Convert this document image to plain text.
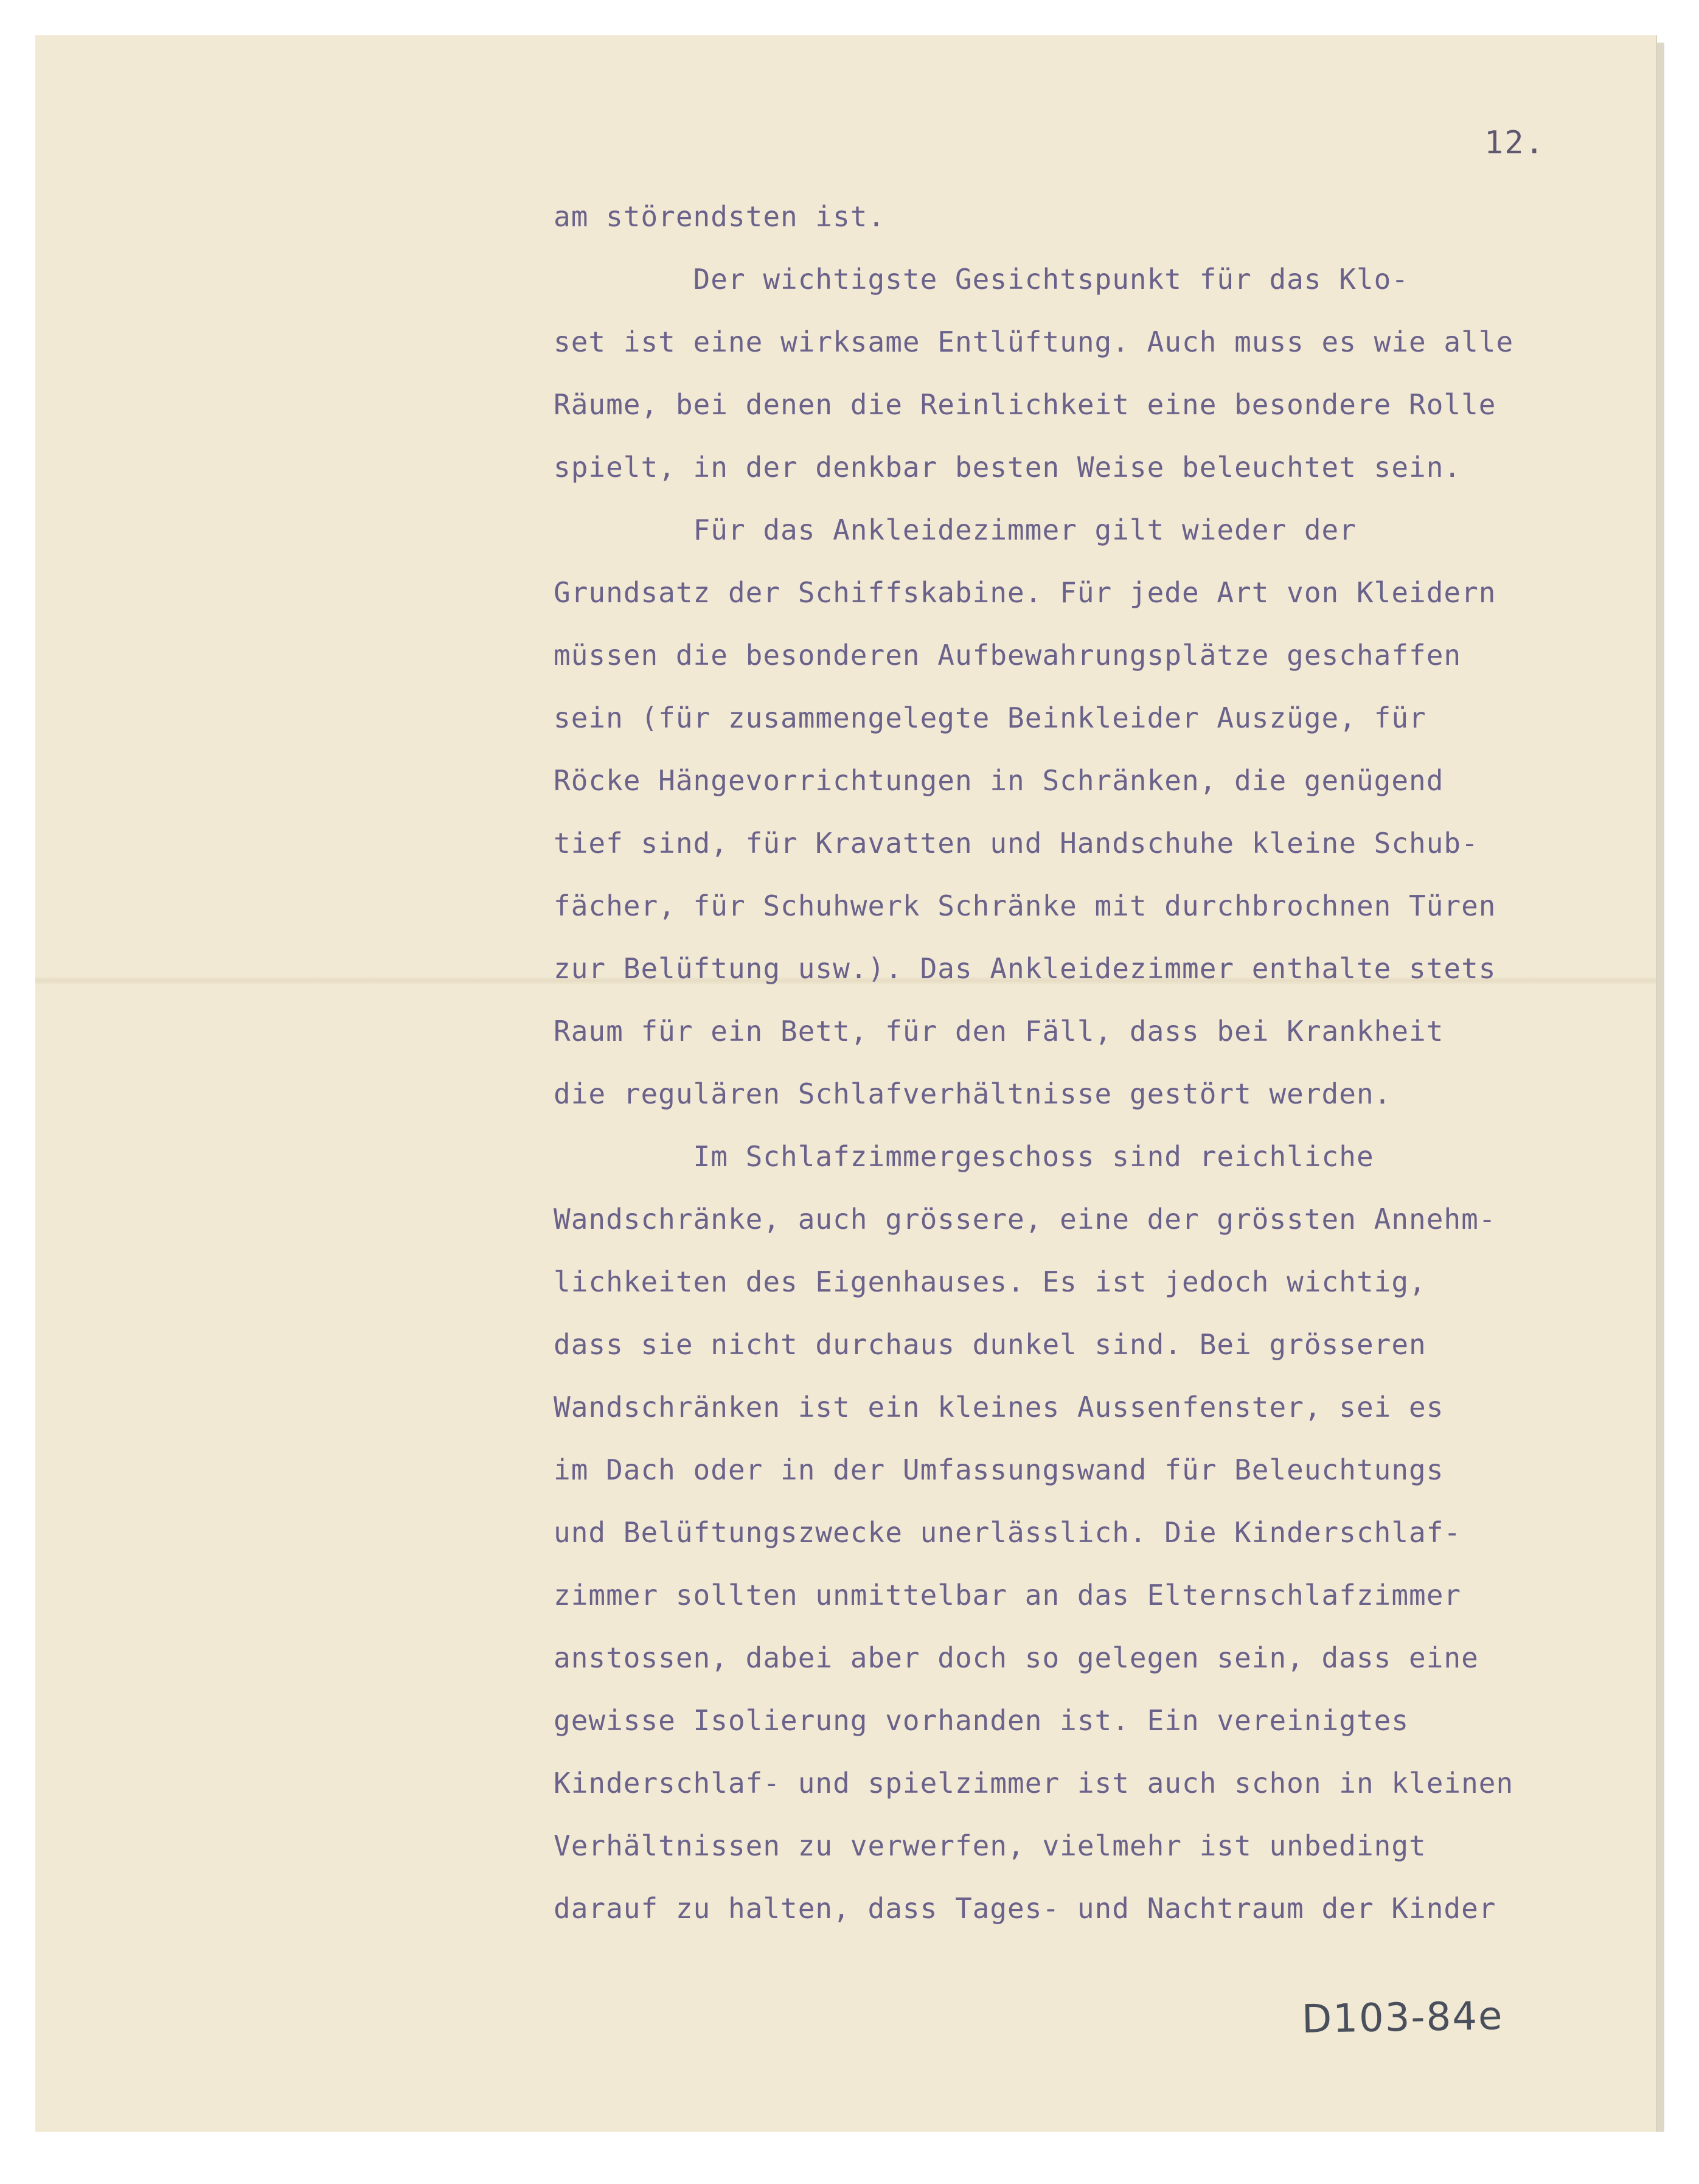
12.
am störendsten ist.
Der wichtigste Gesichtspunkt für das Klo-
set ist eine wirksame Entlüftung. Auch muss es wie alle
Räume, bei denen die Reinlichkeit eine besondere Rolle
spielt, in der denkbar besten Weise beleuchtet sein.
Für das Ankleidezimmer gilt wieder der
Grundsatz der Schiffskabine. Für jede Art von Kleidern
müssen die besonderen Aufbewahrungsplätze geschaffen
sein (für zusammengelegte Beinkleider Auszüge, für
Röcke Hängevorrichtungen in Schränken, die genügend
tief sind, für Kravatten und Handschuhe kleine Schub-
fächer, für Schuhwerk Schränke mit durchbrochnen Türen
zur Belüftung usw.). Das Ankleidezimmer enthalte stets
Raum für ein Bett, für den Fäll, dass bei Krankheit
die regulären Schlafverhältnisse gestört werden.
Im Schlafzimmergeschoss sind reichliche
Wandschränke, auch grössere, eine der grössten Annehm-
lichkeiten des Eigenhauses. Es ist jedoch wichtig,
dass sie nicht durchaus dunkel sind. Bei grösseren
Wandschränken ist ein kleines Aussenfenster, sei es
im Dach oder in der Umfassungswand für Beleuchtungs
und Belüftungszwecke unerlässlich. Die Kinderschlaf-
zimmer sollten unmittelbar an das Elternschlafzimmer
anstossen, dabei aber doch so gelegen sein, dass eine
gewisse Isolierung vorhanden ist. Ein vereinigtes
Kinderschlaf- und spielzimmer ist auch schon in kleinen
Verhältnissen zu verwerfen, vielmehr ist unbedingt
darauf zu halten, dass Tages- und Nachtraum der Kinder
D103-84e
